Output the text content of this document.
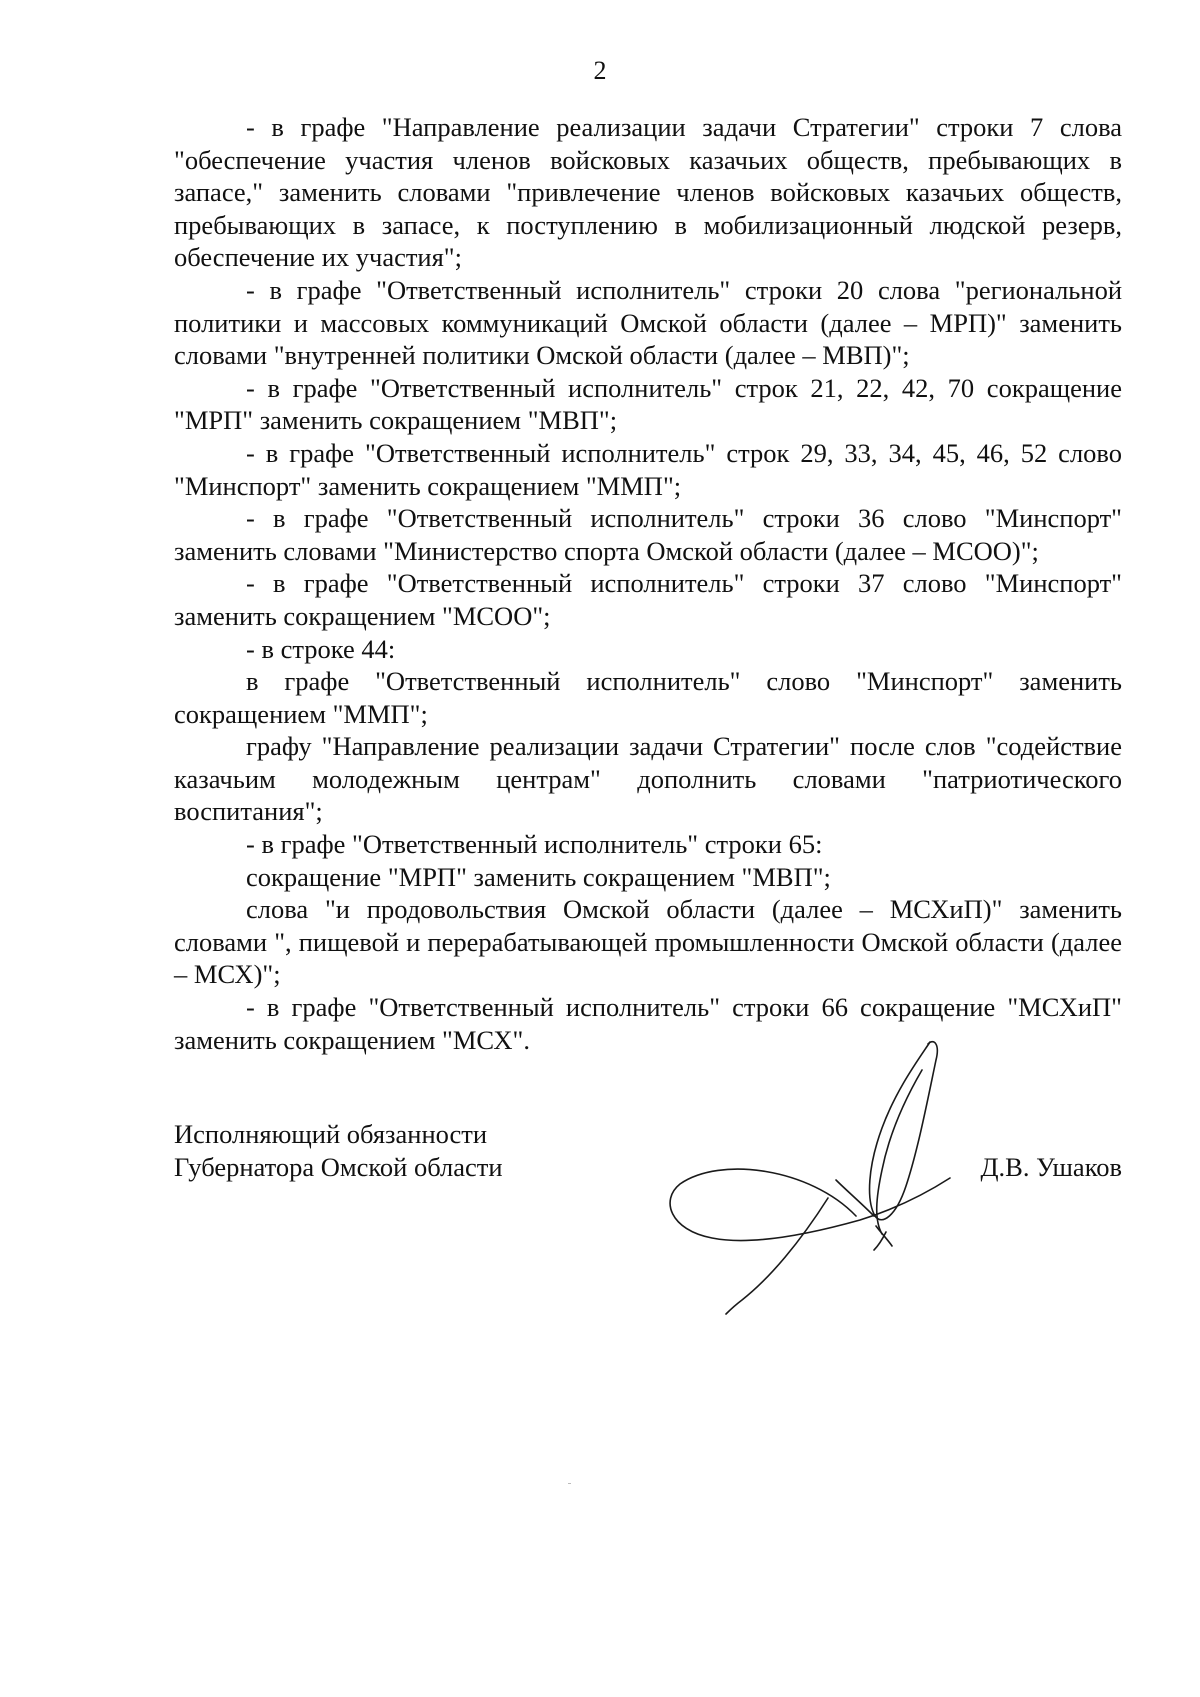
2

- в графе "Направление реализации задачи Стратегии" строки 7 слова "обеспечение участия членов войсковых казачьих обществ, пребывающих в запасе," заменить словами "привлечение членов войсковых казачьих обществ, пребывающих в запасе, к поступлению в мобилизационный людской резерв, обеспечение их участия";

- в графе "Ответственный исполнитель" строки 20 слова "региональной политики и массовых коммуникаций Омской области (далее – МРП)" заменить словами "внутренней политики Омской области (далее – МВП)";

- в графе "Ответственный исполнитель" строк 21, 22, 42, 70 сокращение "МРП" заменить сокращением "МВП";

- в графе "Ответственный исполнитель" строк 29, 33, 34, 45, 46, 52 слово "Минспорт" заменить сокращением "ММП";

- в графе "Ответственный исполнитель" строки 36 слово "Минспорт" заменить словами "Министерство спорта Омской области (далее – МСОО)";

- в графе "Ответственный исполнитель" строки 37 слово "Минспорт" заменить сокращением "МСОО";

- в строке 44:

в графе "Ответственный исполнитель" слово "Минспорт" заменить сокращением "ММП";

графу "Направление реализации задачи Стратегии" после слов "содействие казачьим молодежным центрам" дополнить словами "патриотического воспитания";

- в графе "Ответственный исполнитель" строки 65:

сокращение "МРП" заменить сокращением "МВП";

слова "и продовольствия Омской области (далее – МСХиП)" заменить словами ", пищевой и перерабатывающей промышленности Омской области (далее – МСХ)";

- в графе "Ответственный исполнитель" строки 66 сокращение "МСХиП" заменить сокращением "МСХ".

Исполняющий обязанности
Губернатора Омской области	Д.В. Ушаков
